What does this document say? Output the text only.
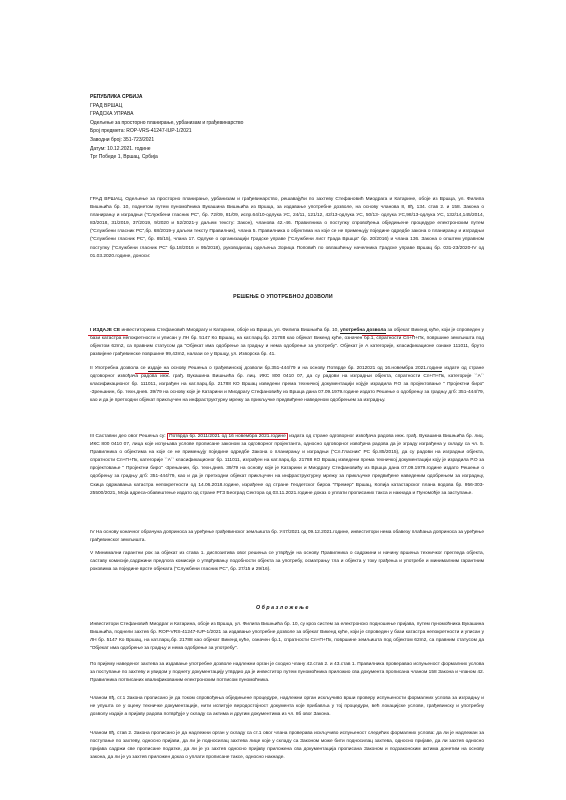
РЕПУБЛИКА СРБИЈА
ГРАД ВРШАЦ
ГРАДСКА УПРАВА
Одељење за просторно планирање, урбанизам и грађевинарство
Број предмета: ROP-VRS-41247-IUP-1/2021
Заводни број: 351-723/2021
Датум: 10.12.2021. године
Трг Победе 1, Вршац, Србија
ГРАД ВРШАЦ, Одељење за просторно планирање, урбанизам и грађевинарство, решавајући по захтеву Стефановић Миодрага и Катарине, обоје из Вршца, ул. Филипа Вишњића бр. 10, поднетом путем пуномоћника Вукашина Вишњића из Вршца, за издавање употребне дозволе, на основу чланова 8, 8ђ, 134. став 2. и 158. Закона о планирању и изградњи ("Службени гласник РС", бр. 72/09, 81/09, испр.64/10-одлука УС, 24/11, 121/12, 42/13-одлука УС, 50/13- одлука УС,98/13-одлука УС, 132/14,145/2014, 83/2018, 31/2019, 37/2019, 9/2020 и 52/2021-у даљем тексту: Закон), чланова 42.-46. Правилника о поступку спровођења обједињене процедуре електронским путем ("Службени гласник РС",бр. 68/2019-у даљем тексту Правилник), члана 5. Правилника о објектима на које се не примењују поједине одредбе закона о планирању и изградњи ("Службени гласник РС", бр. 85/15), члана 17. Одлуке о организацији Градске управе ("Службени лист Града Вршца" бр. 20/2016) и члана 136. Закона о општем управном поступку ("Службени гласник РС" бр.18/2016 и 95/2018), руководилац одељења Зорица Поповић по овлашћењу начелника Градске управе Вршац бр. 031-23/2020-IV од 01.03.2020.године, доноси:
РЕШЕЊЕ О УПОТРЕБНОЈ ДОЗВОЛИ
I ИЗДАЈЕ СЕ инвеститорима Стефановић Миодрагу и Катарини, обоје из Вршца, ул. Филипа Вишњића бр. 10, употребна дозвола за објекат Викенд куће, који је спроведен у бази катастра непокретности и уписан у ЛН бр. 5147 Ко Вршац, на кат.парц.бр. 21788 као објекат Викенд куће, означен бр.1, спратности Сп+П+Пк, површине земљишта под објектом 62m2, са правним статусом да "Објекат има одобрење за градњу и нема одобрење за употребу". Објекат је А категорије, класификационе ознаке 111011, бруто развијене грађевинске површине 99,43m2, налази се у Вршцу, ул. Изворска бр. 41.
II Употребна дозвола се издаје на основу Решења о грађевинској дозволи бр.351-444/79 и на основу Потврде бр. 2012021 од 16.новембра 2021.године издате од стране одговорног извођача радова инж. грађ. Вукашина Вишњића бр. лиц. ИКС 800 0410 07, да су радови на изградњи објекта, спратности Сп+П+Пк, категорије ``А`` класификационог бр. 111011, изграђен на кат.парц.бр. 21788 КО Вршац изведени према техничкој документацији којује израдила Р.О за пројектовање " Пројектни биро" -Зрењанин, бр. техн.днев. 39/79 на основу које је Катарини и Миодрагу Стефановићу из Вршца дана 07.09.1979.године издато Решење о одобрењу за градњу дгб: 351-444/79, као и да је претходни објекат прикључен на инфраструктурну мрежу за прикључке предвиђене наведеном одобрењем за изградњу.
III Саставни део овог Решења су: Потврда бр. 2011/2021 од 16 новембра 2021.године издата од стране одговорног извођача радова инж. грађ. Вукашина Вишњића бр. лиц. ИКС 800 0410 07, лица које испуњава услове прописане законом за одговорног пројектанта, односно одговорног извођача радова да је зграду изграђена у складу са чл. 5. Правилника о објектима на које се не примењују поједине одредбе Закона о планирању и изградњи ("Сл.Гласник" РС бр.85/2015), да су радови на изградњи објекта, спратности Сп+П+Пк, категорије ``А`` класификационог бр. 111011, изграђен на кат.парц.бр. 21788 КО Вршац изведени према техничкој документацији коју је израдила Р.О за пројектовање " Пројектни биро" -Зрењанин, бр. техн.днев. 39/79 на основу које је Катарини и Миодрагу Стефановићу из Вршца дана 07.09.1979.године издато Решење о одобрењу за градњу дгб: 351-444/79, као и да је претходни објекат прикључен на инфраструктурну мрежу за прикључке предвиђене наведеним одобрењем за изградњу, Скица одржавања катастра непокретности од 14.06.2018.године, израђене од стране Геодетског бироа "Премер" Вршац, Копија катастарског плана водова бр. 956-303-25500/2021, Моја адреса-обавештење издато од стране РГЗ Београд Сектора од 03.11.2021.године доказ о уплати прописаних такса и накнада и Пуномоћје за заступање.
IV На основу коначног обрачуна доприноса за уређење грађевинског земљишта бр. У47/2021 од 09.12.2021.године, инвеститори нема обавезу плаћања доприноса за уређење грађевинског земљишта.
V Минимални гарантни рок за објекат из става 1. диспозитива овог решења се утврђује на основу Правилника о садржини и начину вршења техничког прегледа објекта, саставу комисије,садржини предлога комисије о утврђивању подобности објекта за употребу, осматрању тла и објекта у току грађења и употребе и минималним гарантним роковима за поједине врсте објеката ("Службени гласник РС", бр. 27/15 и 29/16).
Образложење
Инвеститори Стефановић Миодраг и Катарина, обоје из Вршца, ул. Филипа Вишњића бр. 10, су кроз систем за електронско подношење пријава, путем пуномоћника Вукашина Вишњића, поднели захтев бр. ROP-VRS-41247-IUP-1/2021 за издавање употребне дозволе за објекат Викенд куће, који је спроведен у бази катастра непокретности и уписан у ЛН бр. 5147 Ко Вршац, на кат.парц.бр. 21788 као објекат Викенд куће, означен бр.1, спратности Сп+П+Пк, површине земљишта под објектом 62m2, са правним статусом да "Објекат има одобрење за градњу и нема одобрење за употребу".
По пријему наведеног захтева за издавање употребне дозволе надлежни орган је сходно члану 42.став 2. и 43.став 1. Правилника проверавао испуњеност формалних услова за поступање по захтеву и увидом у поднету документацију утврдио да је инвеститор путем пуномоћника приложио сва документа прописана чланом 158 Закона и чланом 42. Правилника потписаних квалификованим електронским потписом пуномоћника.
Чланом 8ђ, ст.1 Закона прописано је да током спровођења обједињене процедуре, надлежни орган искључиво врши проверу испуњености формалних услова за изградњу и не упушта се у оцену техничке документације, нити испитује веродостојност документа које прибавља у тој процедури, већ локацијске услове, грађевинску и употребну дозволу издаје а пријаву радова потврђује у складу са актима и другим документима из чл. 8б овог Закона.
Чланом 8ђ, став 2. Закона прописано је да надлежни орган у складу са ст.1 овог члана проверава искључиво испуњеност следећих формалних услова: да ли је надлежан за поступање по захтеву, односно пријави, да ли је подносилац захтева лице које у складу са Законом може бити подносилац захтева, односно пријаве, да ли захтев односно пријава садржи све прописане податке, да ли је уз захтев односно пријаву приложена сва документација прописана Законом и подзаконским актима донетим на основу закона, да ли је уз захтев приложен доказ о уплати прописане таксе, односно накнаде.
